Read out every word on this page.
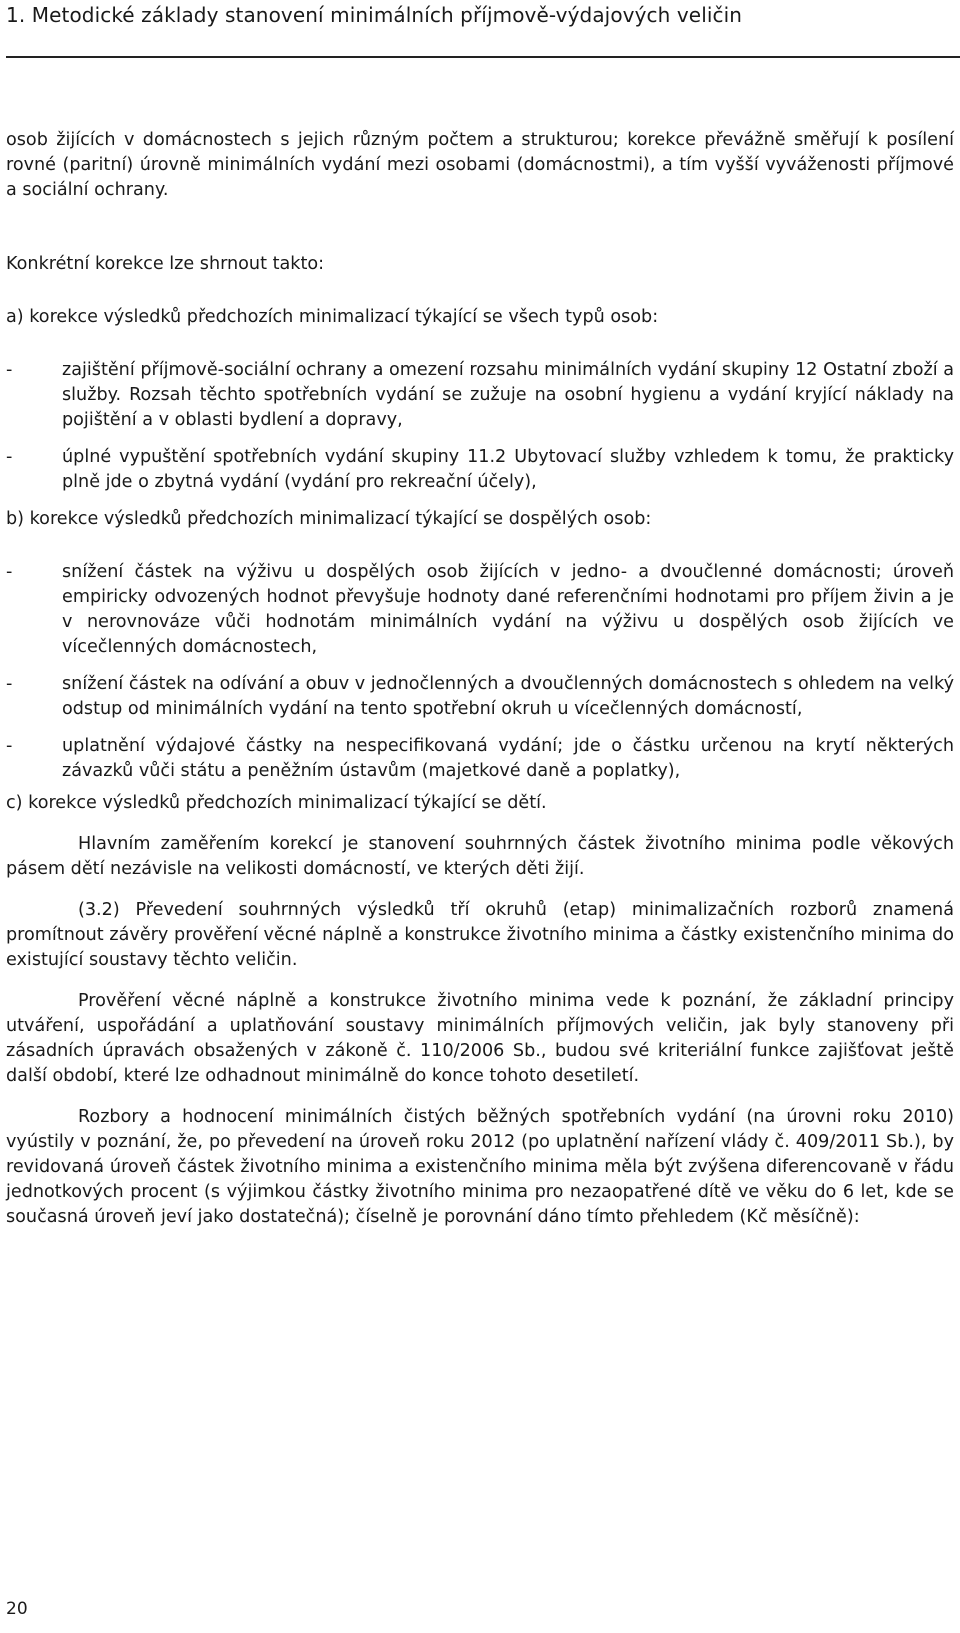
1. Metodické základy stanovení minimálních příjmově-výdajových veličin

osob žijících v domácnostech s jejich různým počtem a strukturou; korekce převážně směřují k posílení rovné (paritní) úrovně minimálních vydání mezi osobami (domácnostmi), a tím vyšší vyváženosti příjmové a sociální ochrany.

Konkrétní korekce lze shrnout takto:

a) korekce výsledků předchozích minimalizací týkající se všech typů osob:

-	zajištění příjmově-sociální ochrany a omezení rozsahu minimálních vydání skupiny 12 Ostatní zboží a služby. Rozsah těchto spotřebních vydání se zužuje na osobní hygienu a vydání kryjící náklady na pojištění a v oblasti bydlení a dopravy,

-	úplné vypuštění spotřebních vydání skupiny 11.2 Ubytovací služby vzhledem k tomu, že prakticky plně jde o zbytná vydání (vydání pro rekreační účely),

b) korekce výsledků předchozích minimalizací týkající se dospělých osob:

-	snížení částek na výživu u dospělých osob žijících v jedno- a dvoučlenné domácnosti; úroveň empiricky odvozených hodnot převyšuje hodnoty dané referenčními hodnotami pro příjem živin a je v nerovnováze vůči hodnotám minimálních vydání na výživu u dospělých osob žijících ve vícečlenných domácnostech,

-	snížení částek na odívání a obuv v jednočlenných a dvoučlenných domácnostech s ohledem na velký odstup od minimálních vydání na tento spotřební okruh u vícečlenných domácností,

-	uplatnění výdajové částky na nespecifikovaná vydání; jde o částku určenou na krytí některých závazků vůči státu a peněžním ústavům (majetkové daně a poplatky),

c) korekce výsledků předchozích minimalizací týkající se dětí.

Hlavním zaměřením korekcí je stanovení souhrnných částek životního minima podle věkových pásem dětí nezávisle na velikosti domácností, ve kterých děti žijí.

(3.2) Převedení souhrnných výsledků tří okruhů (etap) minimalizačních rozborů znamená promítnout závěry prověření věcné náplně a konstrukce životního minima a částky existenčního minima do existující soustavy těchto veličin.

Prověření věcné náplně a konstrukce životního minima vede k poznání, že základní principy utváření, uspořádání a uplatňování soustavy minimálních příjmových veličin, jak byly stanoveny při zásadních úpravách obsažených v zákoně č. 110/2006 Sb., budou své kriteriální funkce zajišťovat ještě další období, které lze odhadnout minimálně do konce tohoto desetiletí.

Rozbory a hodnocení minimálních čistých běžných spotřebních vydání (na úrovni roku 2010) vyústily v poznání, že, po převedení na úroveň roku 2012 (po uplatnění nařízení vlády č. 409/2011 Sb.), by revidovaná úroveň částek životního minima a existenčního minima měla být zvýšena diferencovaně v řádu jednotkových procent (s výjimkou částky životního minima pro nezaopatřené dítě ve věku do 6 let, kde se současná úroveň jeví jako dostatečná); číselně je porovnání dáno tímto přehledem (Kč měsíčně):

20
